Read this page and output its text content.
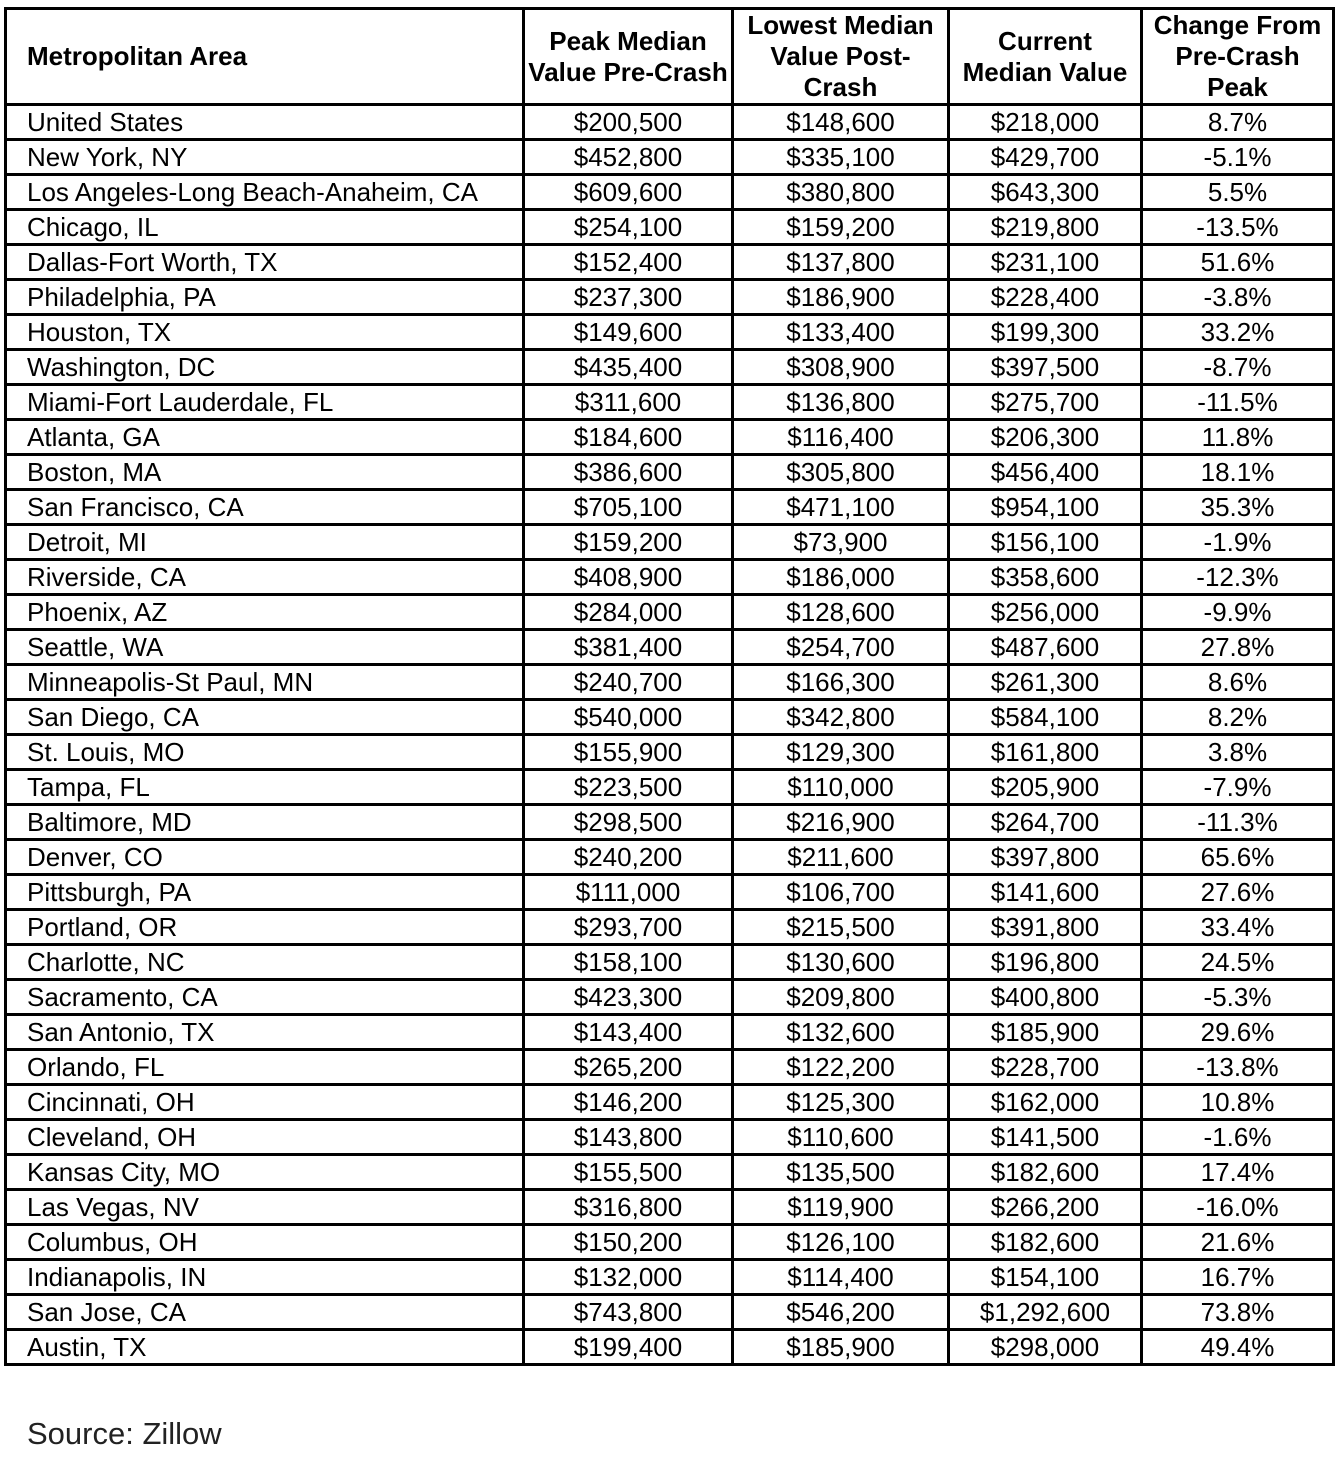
Metropolitan Area	Peak Median Value Pre-Crash	Lowest Median Value Post-Crash	Current Median Value	Change From Pre-Crash Peak
United States	$200,500	$148,600	$218,000	8.7%
New York, NY	$452,800	$335,100	$429,700	-5.1%
Los Angeles-Long Beach-Anaheim, CA	$609,600	$380,800	$643,300	5.5%
Chicago, IL	$254,100	$159,200	$219,800	-13.5%
Dallas-Fort Worth, TX	$152,400	$137,800	$231,100	51.6%
Philadelphia, PA	$237,300	$186,900	$228,400	-3.8%
Houston, TX	$149,600	$133,400	$199,300	33.2%
Washington, DC	$435,400	$308,900	$397,500	-8.7%
Miami-Fort Lauderdale, FL	$311,600	$136,800	$275,700	-11.5%
Atlanta, GA	$184,600	$116,400	$206,300	11.8%
Boston, MA	$386,600	$305,800	$456,400	18.1%
San Francisco, CA	$705,100	$471,100	$954,100	35.3%
Detroit, MI	$159,200	$73,900	$156,100	-1.9%
Riverside, CA	$408,900	$186,000	$358,600	-12.3%
Phoenix, AZ	$284,000	$128,600	$256,000	-9.9%
Seattle, WA	$381,400	$254,700	$487,600	27.8%
Minneapolis-St Paul, MN	$240,700	$166,300	$261,300	8.6%
San Diego, CA	$540,000	$342,800	$584,100	8.2%
St. Louis, MO	$155,900	$129,300	$161,800	3.8%
Tampa, FL	$223,500	$110,000	$205,900	-7.9%
Baltimore, MD	$298,500	$216,900	$264,700	-11.3%
Denver, CO	$240,200	$211,600	$397,800	65.6%
Pittsburgh, PA	$111,000	$106,700	$141,600	27.6%
Portland, OR	$293,700	$215,500	$391,800	33.4%
Charlotte, NC	$158,100	$130,600	$196,800	24.5%
Sacramento, CA	$423,300	$209,800	$400,800	-5.3%
San Antonio, TX	$143,400	$132,600	$185,900	29.6%
Orlando, FL	$265,200	$122,200	$228,700	-13.8%
Cincinnati, OH	$146,200	$125,300	$162,000	10.8%
Cleveland, OH	$143,800	$110,600	$141,500	-1.6%
Kansas City, MO	$155,500	$135,500	$182,600	17.4%
Las Vegas, NV	$316,800	$119,900	$266,200	-16.0%
Columbus, OH	$150,200	$126,100	$182,600	21.6%
Indianapolis, IN	$132,000	$114,400	$154,100	16.7%
San Jose, CA	$743,800	$546,200	$1,292,600	73.8%
Austin, TX	$199,400	$185,900	$298,000	49.4%
Source: Zillow
